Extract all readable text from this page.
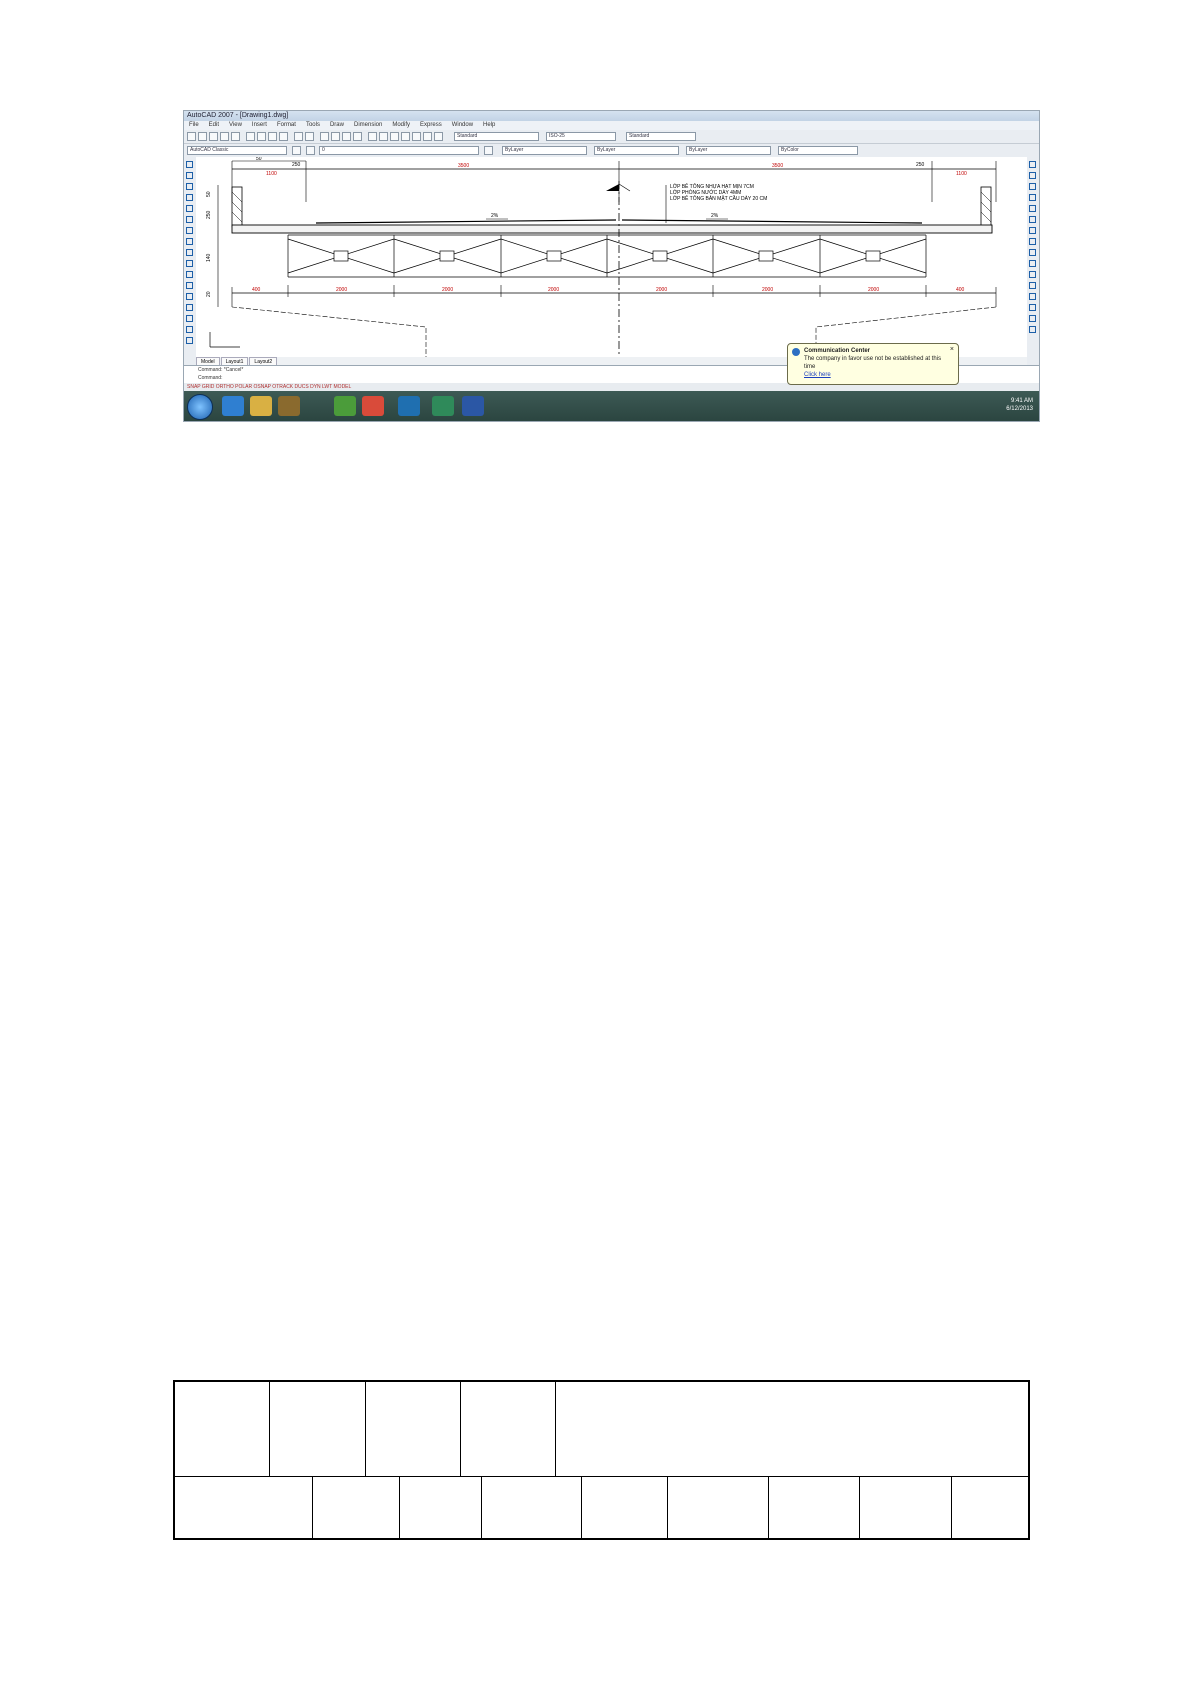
AutoCAD 2007 - [Drawing1.dwg]
File Edit View Insert Format Tools Draw Dimension Modify Express Window Help
Standard	ISO-25	Standard
AutoCAD Classic	0	ByLayer	ByLayer	ByLayer	ByColor
50
250
1100
3500	3500	250
1100
2%	2%
LỚP BÊ TÔNG NHỰA HẠT MỊN 7CM
LỚP PHÒNG NƯỚC DÀY 4MM
LỚP BÊ TÔNG BẢN MẶT CẦU DÀY 20 CM
400	2000	2000	2000	2000	2000	2000	400
50
250
140
20
Model Layout1 Layout2
Command: *Cancel*
Command:
SNAP GRID ORTHO POLAR OSNAP OTRACK DUCS DYN LWT MODEL
9:41 AM
6/12/2013
×
Communication Center
The company in favor use not be established at this time
Click here
